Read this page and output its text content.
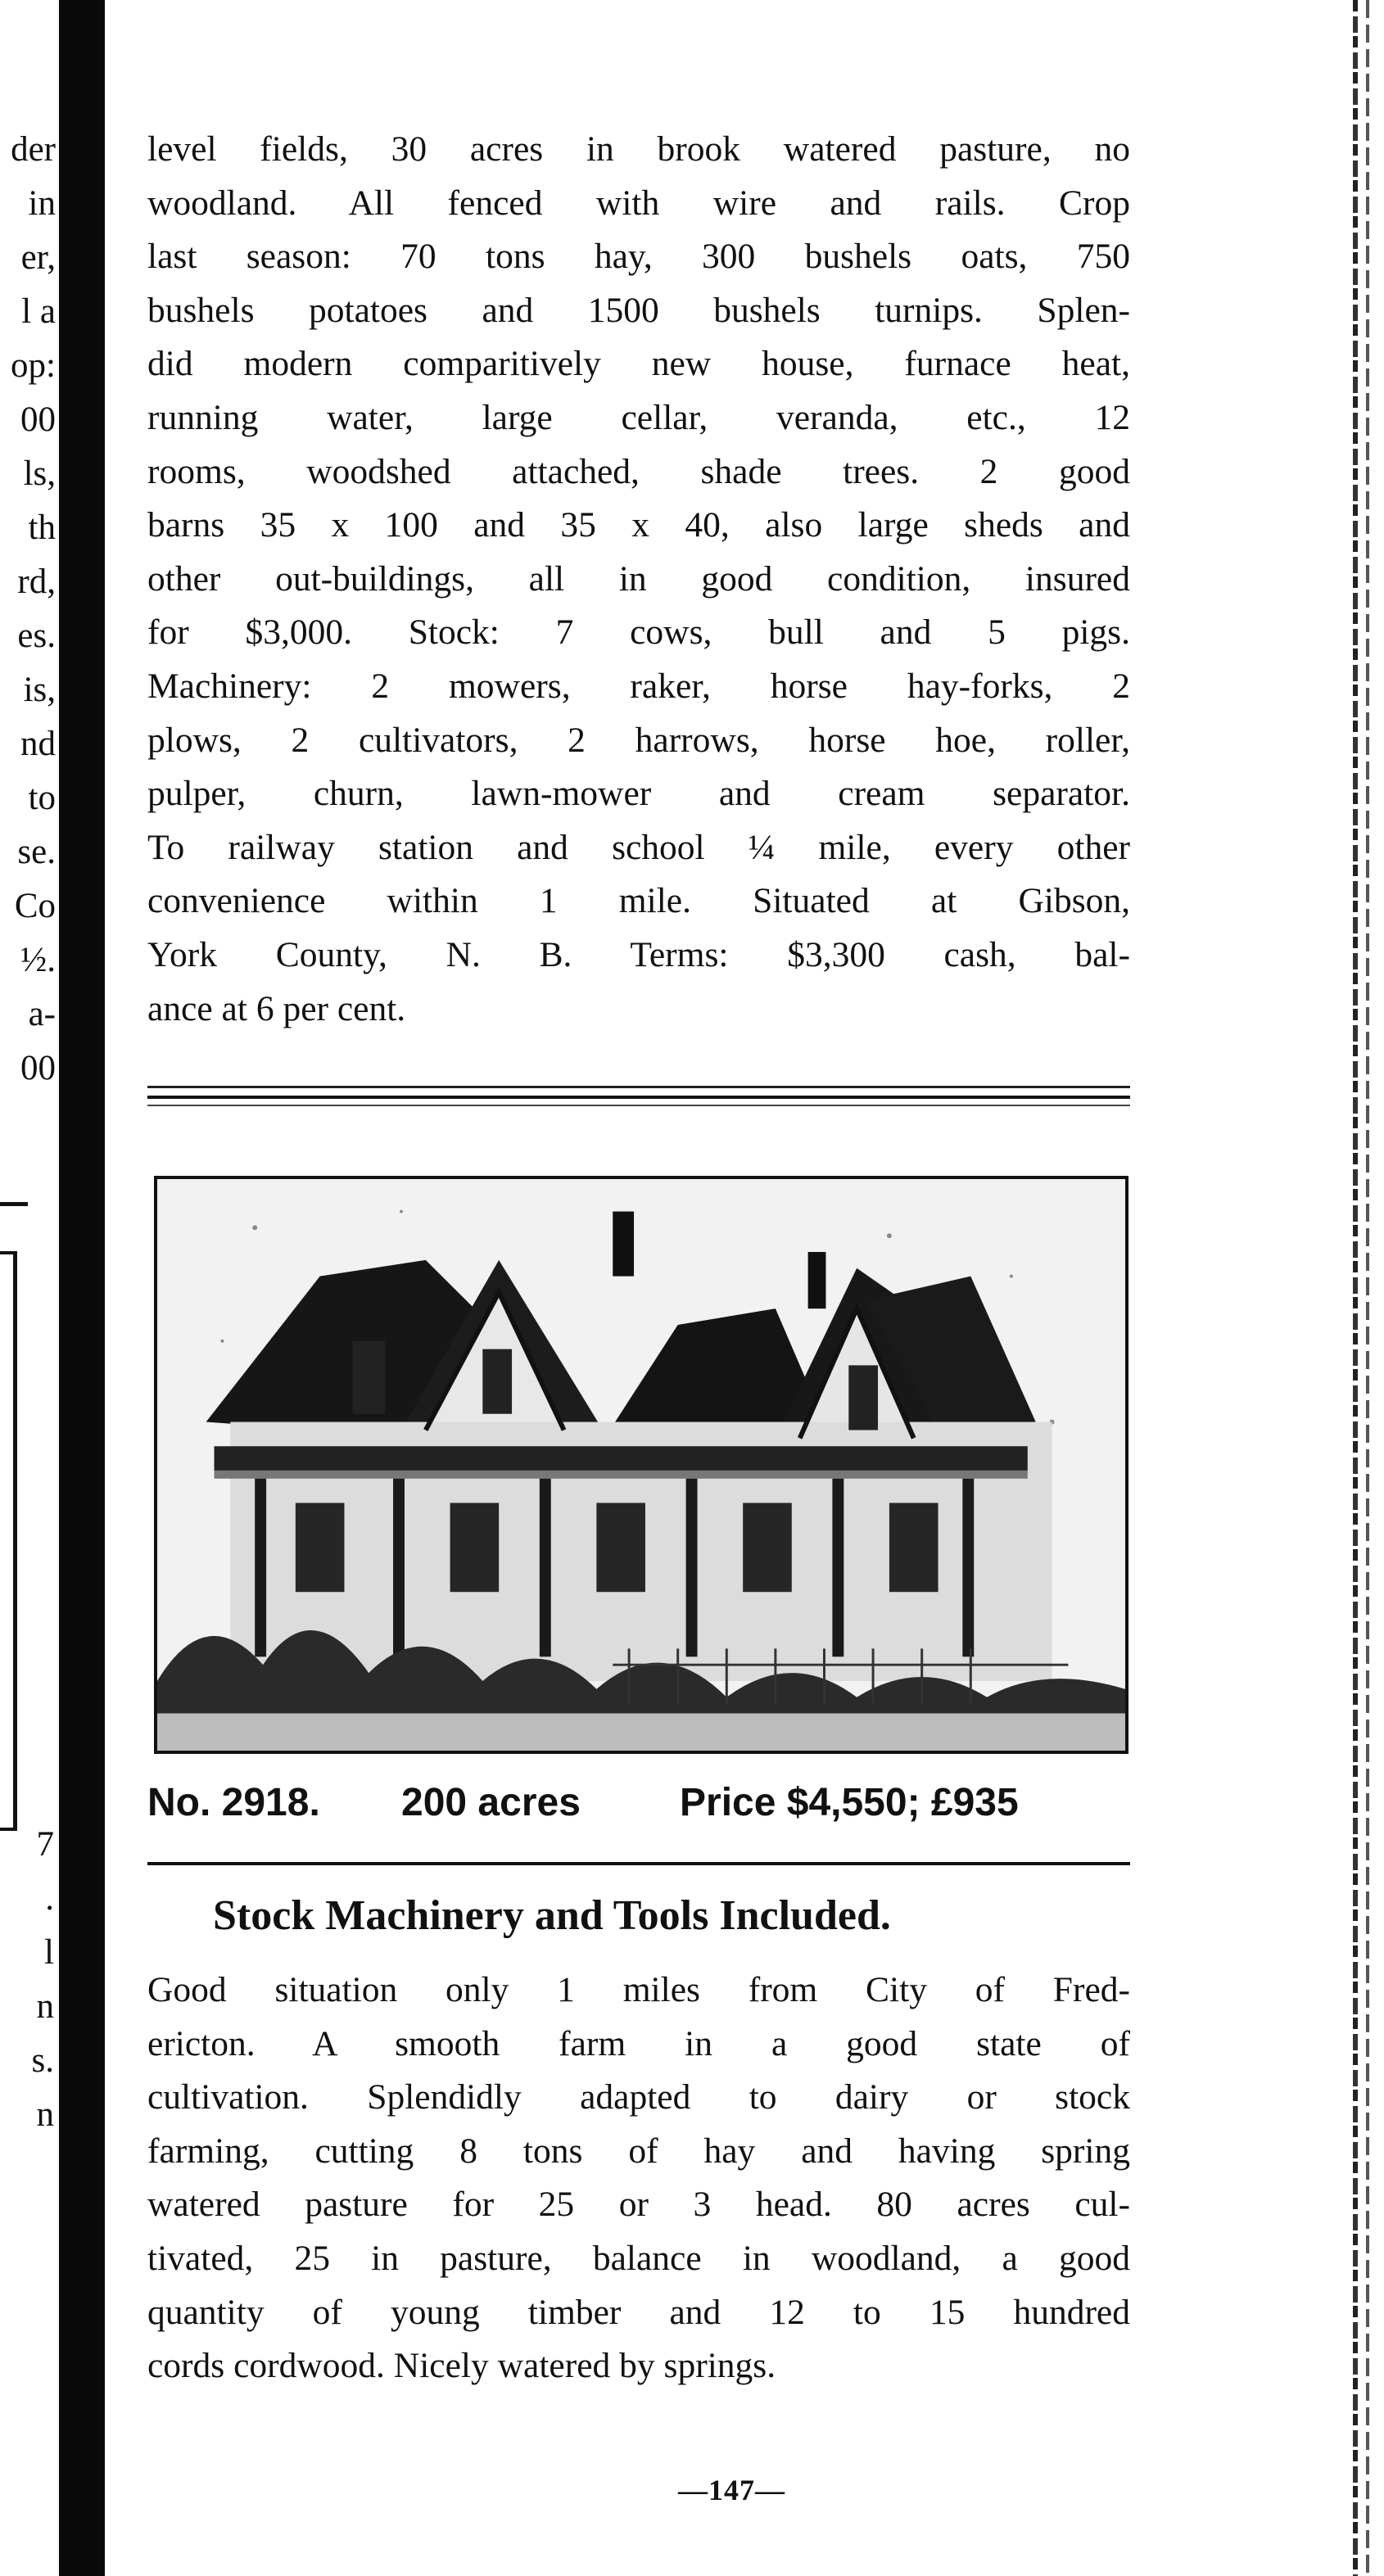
der
in
er,
l a
op:
00
ls,
th
rd,
es.
is,
nd
to
se.
Co
½.
a-
00
7
.
l
n
s.
n
level fields, 30 acres in brook watered pasture, no
woodland. All fenced with wire and rails. Crop
last season: 70 tons hay, 300 bushels oats, 750
bushels potatoes and 1500 bushels turnips. Splen-
did modern comparitively new house, furnace heat,
running water, large cellar, veranda, etc., 12
rooms, woodshed attached, shade trees. 2 good
barns 35 x 100 and 35 x 40, also large sheds and
other out-buildings, all in good condition, insured
for $3,000. Stock: 7 cows, bull and 5 pigs.
Machinery: 2 mowers, raker, horse hay-forks, 2
plows, 2 cultivators, 2 harrows, horse hoe, roller,
pulper, churn, lawn-mower and cream separator.
To railway station and school ¼ mile, every other
convenience within 1 mile. Situated at Gibson,
York County, N. B. Terms: $3,300 cash, bal-
ance at 6 per cent.
No. 2918. 200 acres	Price $4,550; £935
Stock Machinery and Tools Included.
Good situation only 1 miles from City of Fred-
ericton. A smooth farm in a good state of
cultivation. Splendidly adapted to dairy or stock
farming, cutting 8 tons of hay and having spring
watered pasture for 25 or 3 head. 80 acres cul-
tivated, 25 in pasture, balance in woodland, a good
quantity of young timber and 12 to 15 hundred
cords cordwood. Nicely watered by springs.
—147—
